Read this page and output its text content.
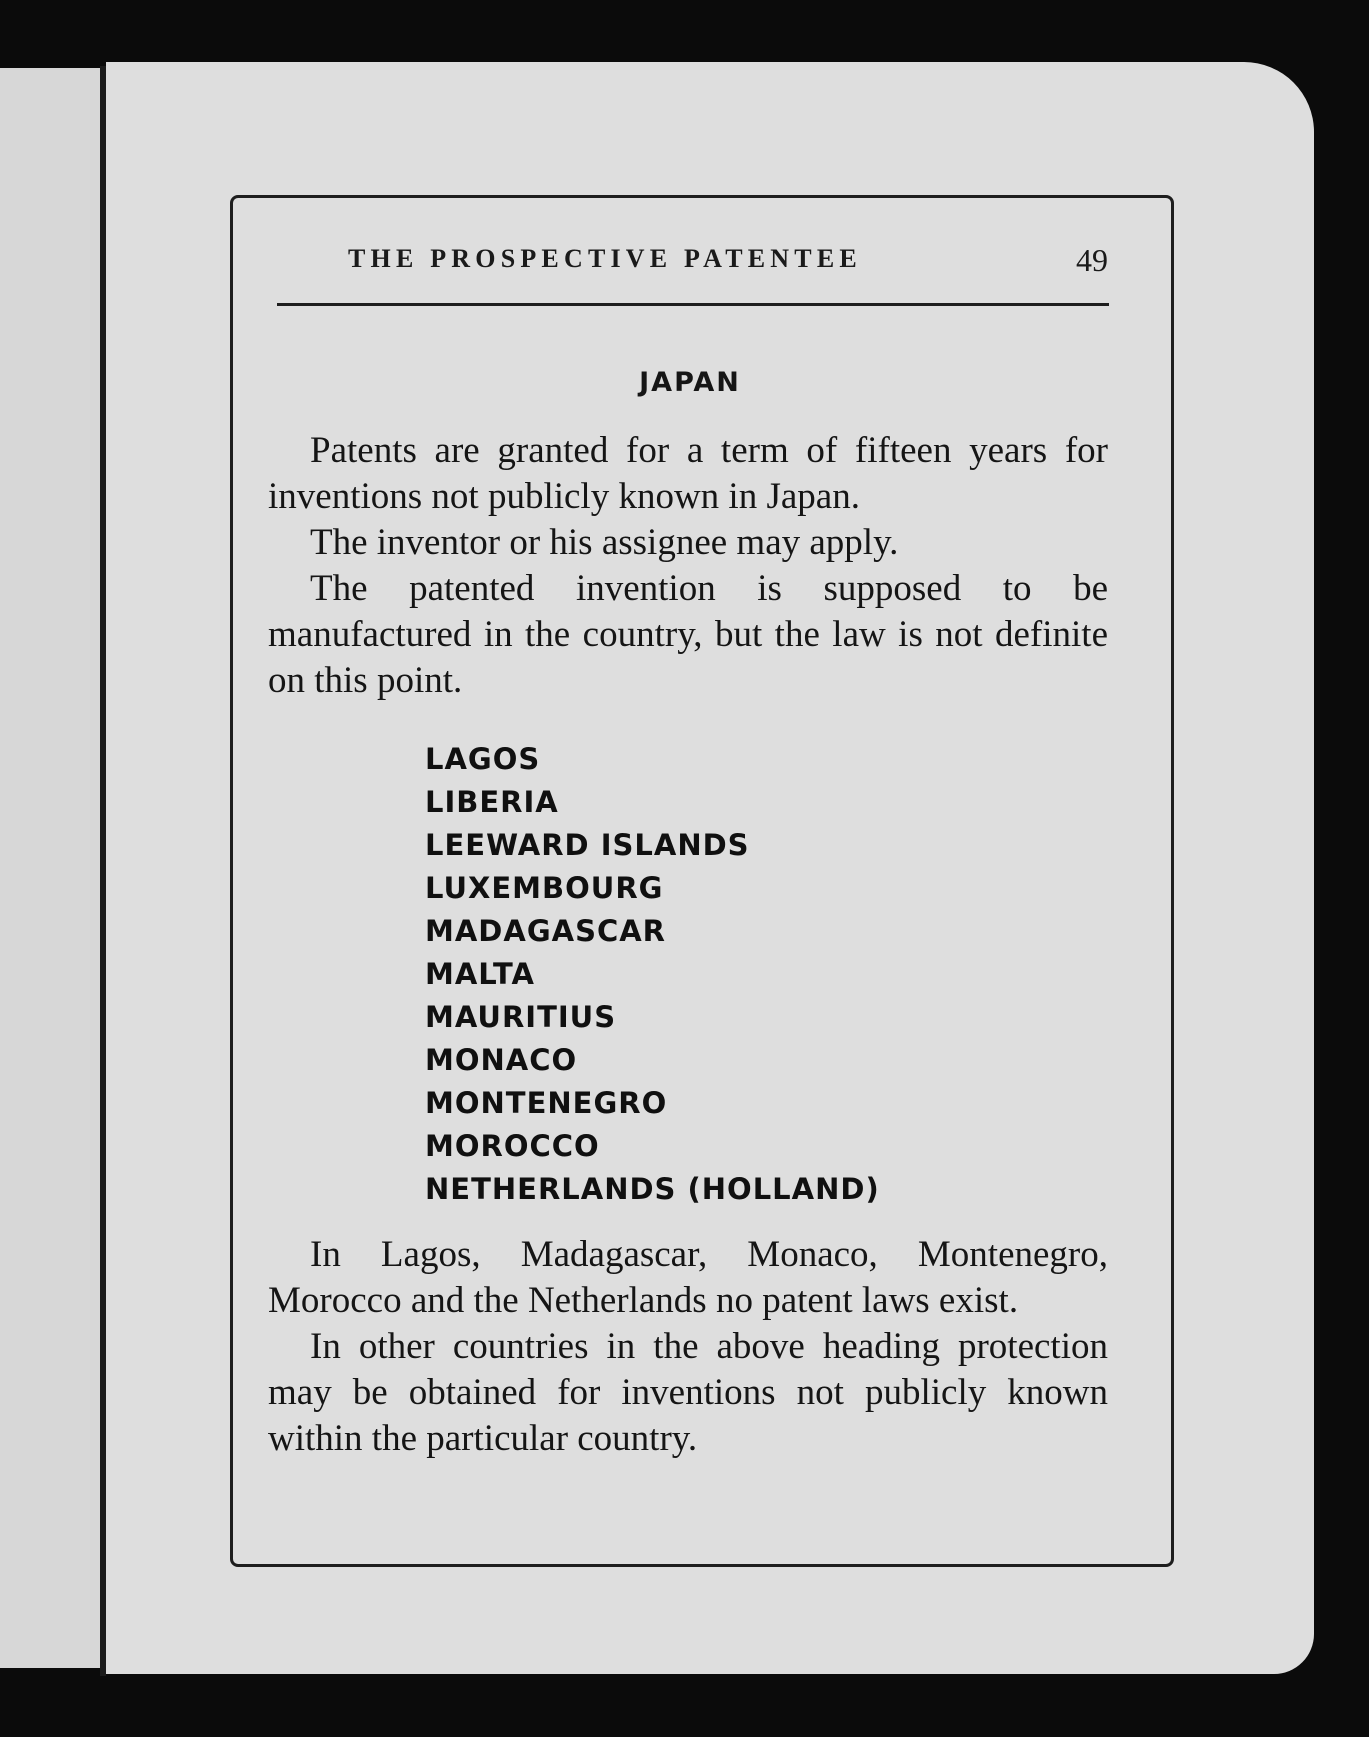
THE PROSPECTIVE PATENTEE	49
JAPAN

Patents are granted for a term of fifteen years for inventions not publicly known in Japan.

The inventor or his assignee may apply.

The patented invention is supposed to be manufactured in the country, but the law is not definite on this point.

LAGOS
LIBERIA
LEEWARD ISLANDS
LUXEMBOURG
MADAGASCAR
MALTA
MAURITIUS
MONACO
MONTENEGRO
MOROCCO
NETHERLANDS (HOLLAND)

In Lagos, Madagascar, Monaco, Montenegro, Morocco and the Netherlands no patent laws exist.

In other countries in the above heading protection may be obtained for inventions not publicly known within the particular country.
